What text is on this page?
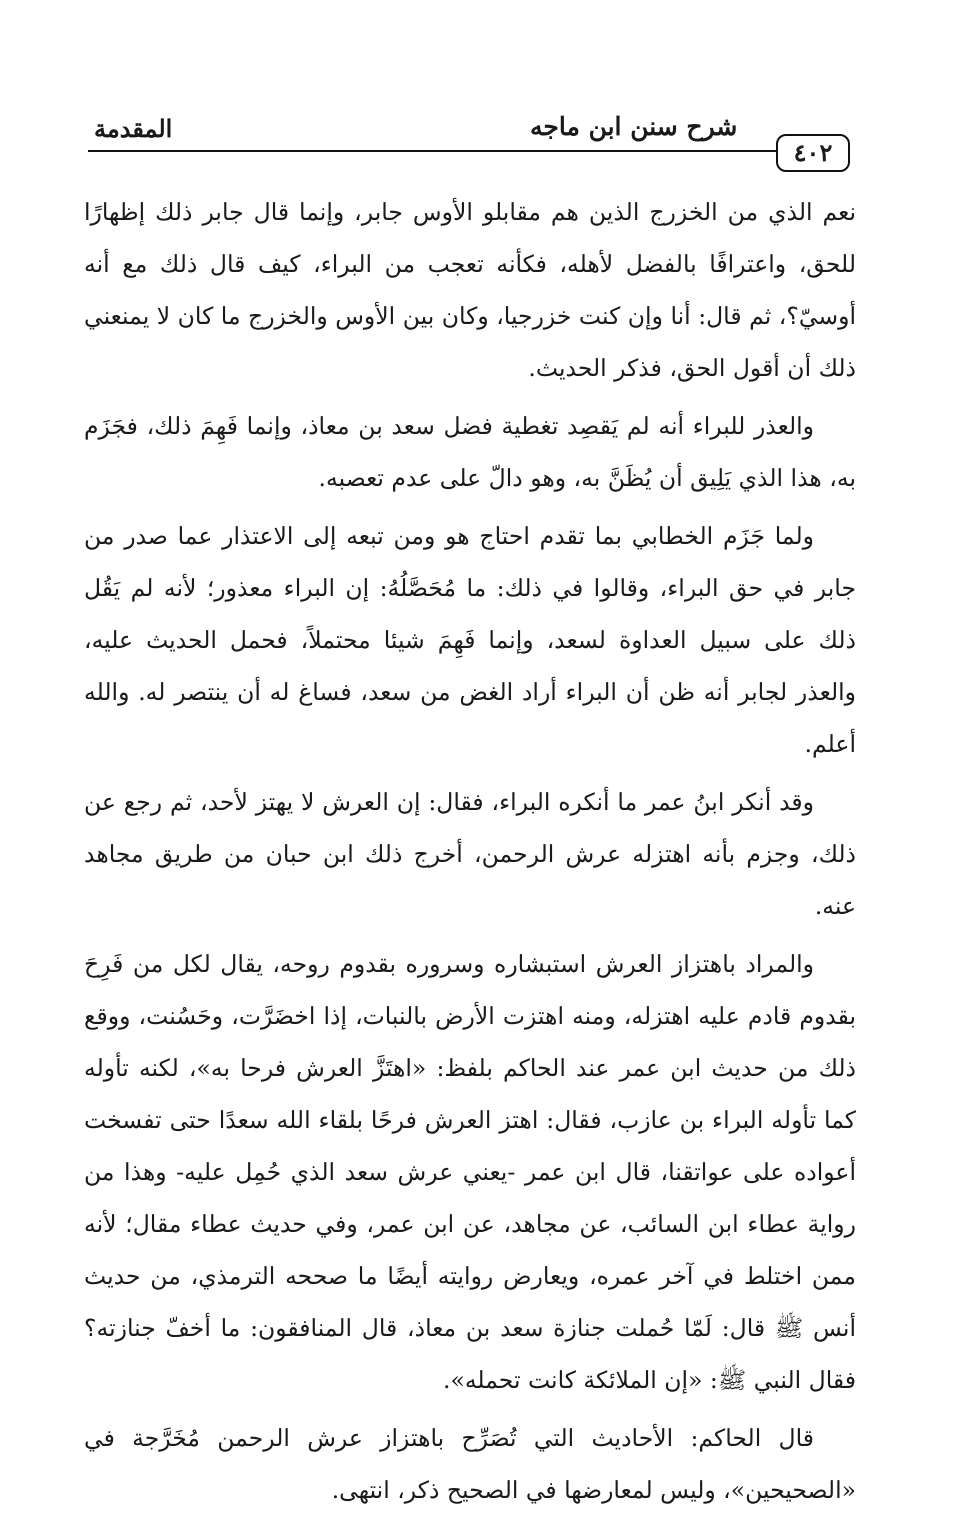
المقدمة	شرح سنن ابن ماجه
٤٠٢

نعم الذي من الخزرج الذين هم مقابلو الأوس جابر، وإنما قال جابر ذلك إظهارًا للحق، واعترافًا بالفضل لأهله، فكأنه تعجب من البراء، كيف قال ذلك مع أنه أوسيّ؟، ثم قال: أنا وإن كنت خزرجيا، وكان بين الأوس والخزرج ما كان لا يمنعني ذلك أن أقول الحق، فذكر الحديث.

والعذر للبراء أنه لم يَقصِد تغطية فضل سعد بن معاذ، وإنما فَهِمَ ذلك، فجَزَم به، هذا الذي يَلِيق أن يُظَنَّ به، وهو دالّ على عدم تعصبه.

ولما جَزَم الخطابي بما تقدم احتاج هو ومن تبعه إلى الاعتذار عما صدر من جابر في حق البراء، وقالوا في ذلك: ما مُحَصَّلُهُ: إن البراء معذور؛ لأنه لم يَقُل ذلك على سبيل العداوة لسعد، وإنما فَهِمَ شيئا محتملاً، فحمل الحديث عليه، والعذر لجابر أنه ظن أن البراء أراد الغض من سعد، فساغ له أن ينتصر له. والله أعلم.

وقد أنكر ابنُ عمر ما أنكره البراء، فقال: إن العرش لا يهتز لأحد، ثم رجع عن ذلك، وجزم بأنه اهتزله عرش الرحمن، أخرج ذلك ابن حبان من طريق مجاهد عنه.

والمراد باهتزاز العرش استبشاره وسروره بقدوم روحه، يقال لكل من فَرِحَ بقدوم قادم عليه اهتزله، ومنه اهتزت الأرض بالنبات، إذا اخضَرَّت، وحَسُنت، ووقع ذلك من حديث ابن عمر عند الحاكم بلفظ: «اهتَزَّ العرش فرحا به»، لكنه تأوله كما تأوله البراء بن عازب، فقال: اهتز العرش فرحًا بلقاء الله سعدًا حتى تفسخت أعواده على عواتقنا، قال ابن عمر -يعني عرش سعد الذي حُمِل عليه- وهذا من رواية عطاء ابن السائب، عن مجاهد، عن ابن عمر، وفي حديث عطاء مقال؛ لأنه ممن اختلط في آخر عمره، ويعارض روايته أيضًا ما صححه الترمذي، من حديث أنس ﷺ قال: لَمّا حُملت جنازة سعد بن معاذ، قال المنافقون: ما أخفّ جنازته؟ فقال النبي ﷺ: «إن الملائكة كانت تحمله».

قال الحاكم: الأحاديث التي تُصَرِّح باهتزاز عرش الرحمن مُخَرَّجة في «الصحيحين»، وليس لمعارضها في الصحيح ذكر، انتهى.
